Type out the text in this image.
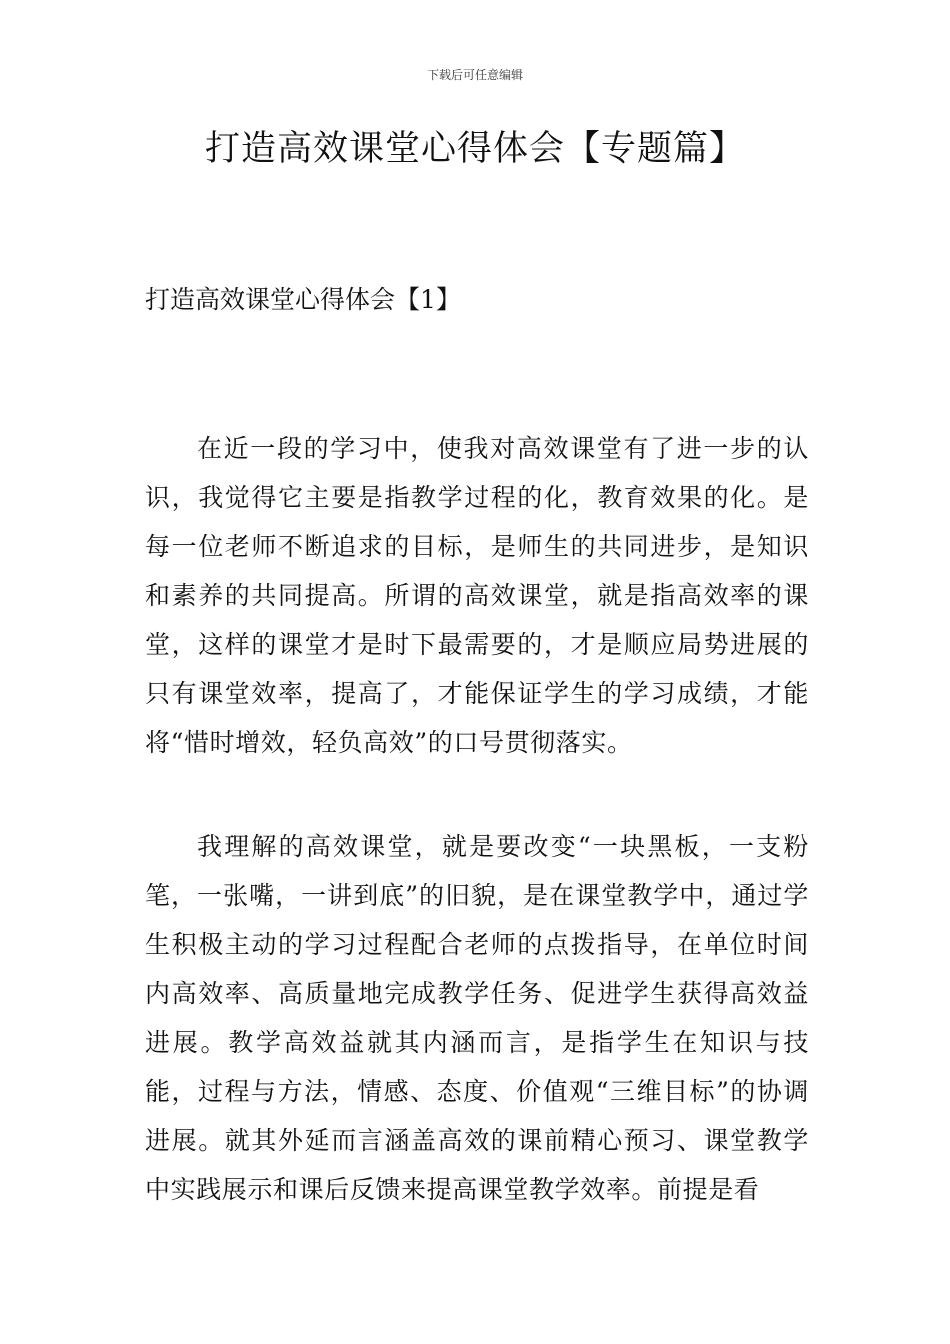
下载后可任意编辑
打造高效课堂心得体会【专题篇】
打造高效课堂心得体会【1】

在近一段的学习中，使我对高效课堂有了进一步的认识，我觉得它主要是指教学过程的化，教育效果的化。是每一位老师不断追求的目标，是师生的共同进步，是知识和素养的共同提高。所谓的高效课堂，就是指高效率的课堂，这样的课堂才是时下最需要的，才是顺应局势进展的只有课堂效率，提高了，才能保证学生的学习成绩，才能将“惜时增效，轻负高效”的口号贯彻落实。

我理解的高效课堂，就是要改变“一块黑板，一支粉笔，一张嘴，一讲到底”的旧貌，是在课堂教学中，通过学生积极主动的学习过程配合老师的点拨指导，在单位时间内高效率、高质量地完成教学任务、促进学生获得高效益进展。教学高效益就其内涵而言，是指学生在知识与技能，过程与方法，情感、态度、价值观“三维目标”的协调进展。就其外延而言涵盖高效的课前精心预习、课堂教学中实践展示和课后反馈来提高课堂教学效率。前提是看
